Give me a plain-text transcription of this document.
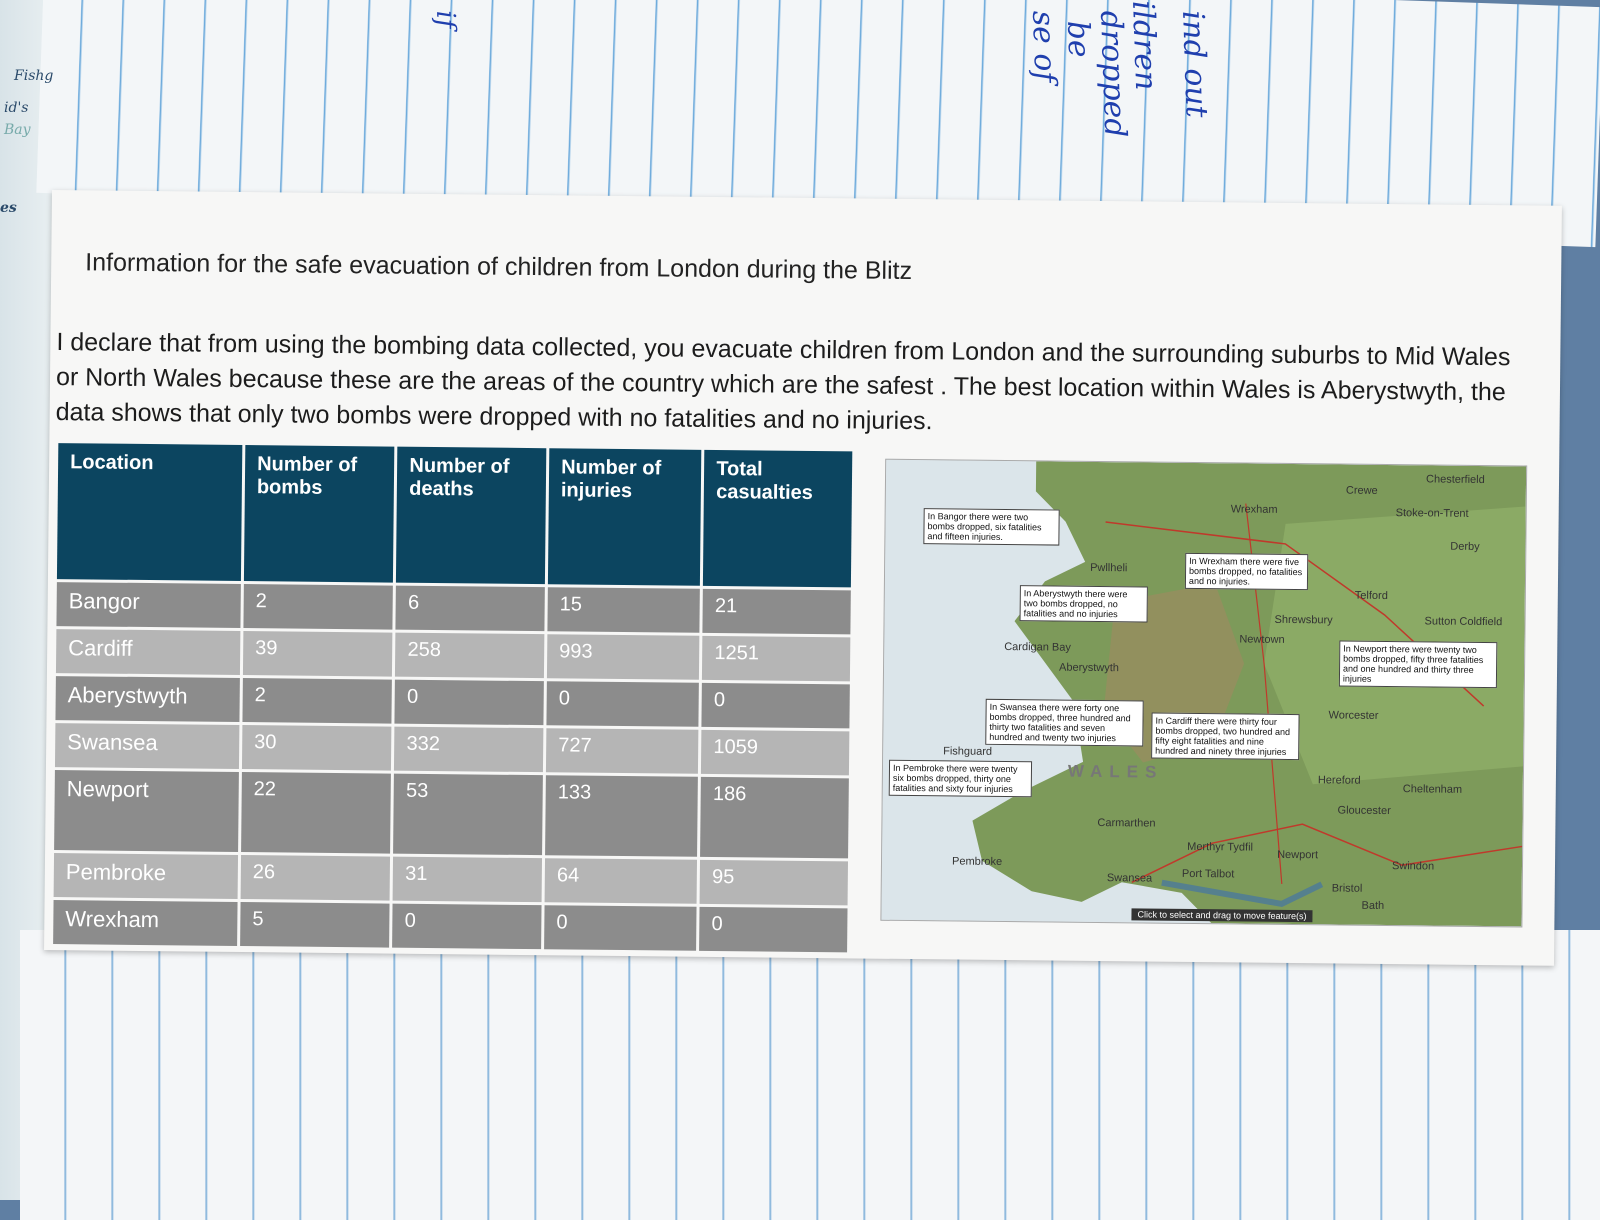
Fishg
id's
Bay
es
ind out
ildren
dropped
be
se of
if
Information for the safe evacuation of children from London during the Blitz
I declare that from using the bombing data collected, you evacuate children from London and the surrounding suburbs to Mid Wales or North Wales because these are the areas of the country which are the safest . The best location within Wales is Aberystwyth, the data shows that only two bombs were dropped with no fatalities and no injuries.
Location	Number of bombs	Number of deaths	Number of injuries	Total casualties
Bangor	2	6	15	21
Cardiff	39	258	993	1251
Aberystwyth	2	0	0	0
Swansea	30	332	727	1059
Newport	22	53	133	186
Pembroke	26	31	64	95
Wrexham	5	0	0	0
Pwllheli
Cardigan Bay
Aberystwyth
Wrexham
Shrewsbury
Telford
Newtown
Fishguard
Pembroke
Carmarthen
Swansea	Port Talbot
Merthyr Tydfil
Newport
Bristol
Hereford
Gloucester
Cheltenham
Worcester
Swindon
Bath
Crewe
Stoke-on-Trent
Chesterfield
Derby
Sutton Coldfield
WALES
In Bangor there were two bombs dropped, six fatalities and fifteen injuries.
In Wrexham there were five bombs dropped, no fatalities and no injuries.
In Aberystwyth there were two bombs dropped, no fatalities and no injuries
In Newport there were twenty two bombs dropped, fifty three fatalities and one hundred and thirty three injuries
In Swansea there were forty one bombs dropped, three hundred and thirty two fatalities and seven hundred and twenty two injuries
In Cardiff there were thirty four bombs dropped, two hundred and fifty eight fatalities and nine hundred and ninety three injuries
In Pembroke there were twenty six bombs dropped, thirty one fatalities and sixty four injuries
Click to select and drag to move feature(s)
